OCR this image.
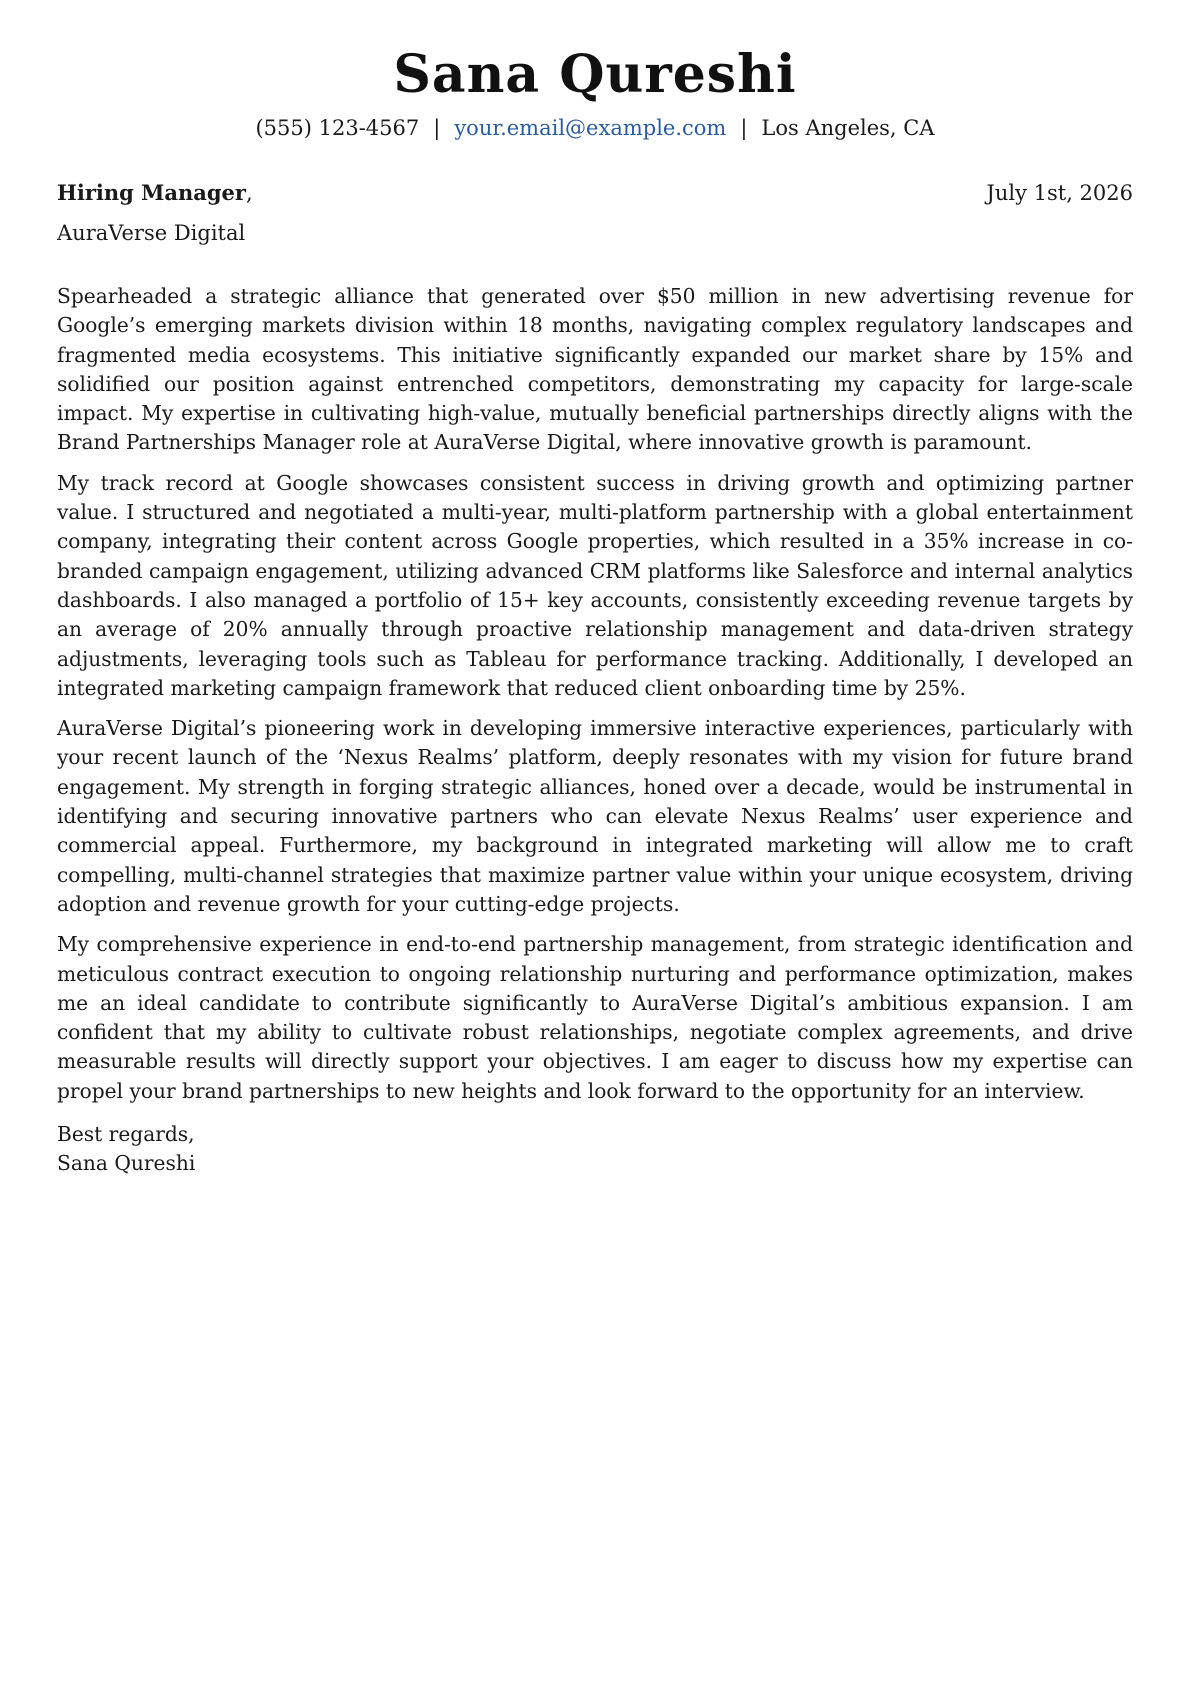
Sana Qureshi
(555) 123-4567 | your.email@example.com | Los Angeles, CA
Hiring Manager,	July 1st, 2026
AuraVerse Digital

Spearheaded a strategic alliance that generated over $50 million in new advertising revenue for Google’s emerging markets division within 18 months, navigating complex regulatory landscapes and fragmented media ecosystems. This initiative significantly expanded our market share by 15% and solidified our position against entrenched competitors, demonstrating my capacity for large-scale impact. My expertise in cultivating high-value, mutually beneficial partnerships directly aligns with the Brand Partnerships Manager role at AuraVerse Digital, where innovative growth is paramount.

My track record at Google showcases consistent success in driving growth and optimizing partner value. I structured and negotiated a multi-year, multi-platform partnership with a global entertainment company, integrating their content across Google properties, which resulted in a 35% increase in co-branded campaign engagement, utilizing advanced CRM platforms like Salesforce and internal analytics dashboards. I also managed a portfolio of 15+ key accounts, consistently exceeding revenue targets by an average of 20% annually through proactive relationship management and data-driven strategy adjustments, leveraging tools such as Tableau for performance tracking. Additionally, I developed an integrated marketing campaign framework that reduced client onboarding time by 25%.

AuraVerse Digital’s pioneering work in developing immersive interactive experiences, particularly with your recent launch of the ‘Nexus Realms’ platform, deeply resonates with my vision for future brand engagement. My strength in forging strategic alliances, honed over a decade, would be instrumental in identifying and securing innovative partners who can elevate Nexus Realms’ user experience and commercial appeal. Furthermore, my background in integrated marketing will allow me to craft compelling, multi-channel strategies that maximize partner value within your unique ecosystem, driving adoption and revenue growth for your cutting-edge projects.

My comprehensive experience in end-to-end partnership management, from strategic identification and meticulous contract execution to ongoing relationship nurturing and performance optimization, makes me an ideal candidate to contribute significantly to AuraVerse Digital’s ambitious expansion. I am confident that my ability to cultivate robust relationships, negotiate complex agreements, and drive measurable results will directly support your objectives. I am eager to discuss how my expertise can propel your brand partnerships to new heights and look forward to the opportunity for an interview.

Best regards,
Sana Qureshi
